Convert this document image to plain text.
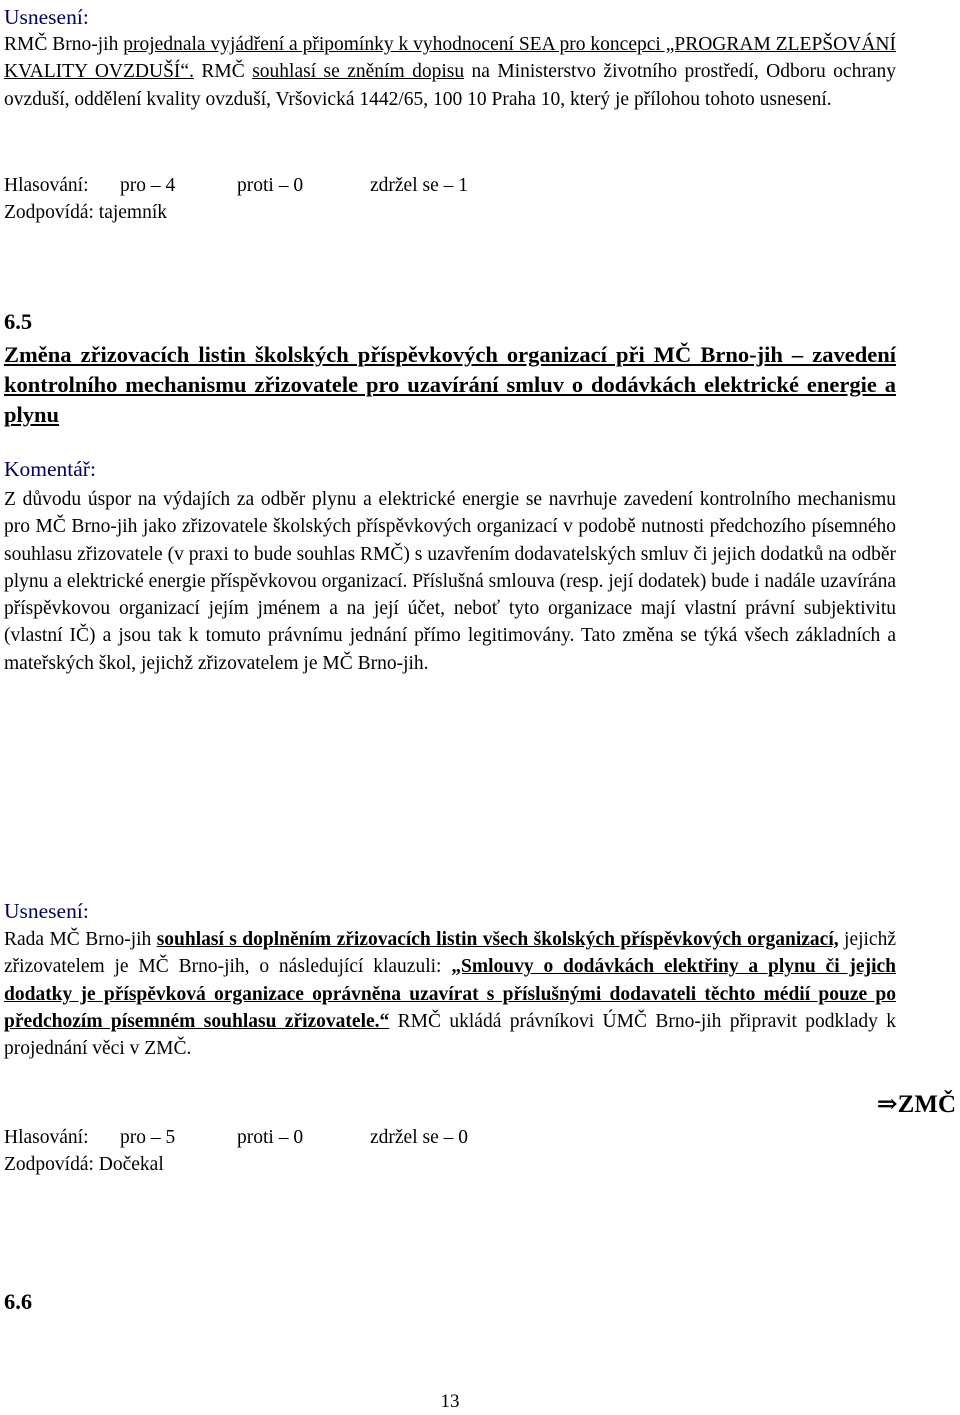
Usnesení:
RMČ Brno-jih projednala vyjádření a připomínky k vyhodnocení SEA pro koncepci „PROGRAM ZLEPŠOVÁNÍ KVALITY OVZDUŠÍ“. RMČ souhlasí se zněním dopisu na Ministerstvo životního prostředí, Odboru ochrany ovzduší, oddělení kvality ovzduší, Vršovická 1442/65, 100 10 Praha 10, který je přílohou tohoto usnesení.
Hlasování: pro – 4	proti – 0	zdržel se – 1
Zodpovídá: tajemník
6.5
Změna zřizovacích listin školských příspěvkových organizací při MČ Brno-jih – zavedení kontrolního mechanismu zřizovatele pro uzavírání smluv o dodávkách elektrické energie a plynu
Komentář:
Z důvodu úspor na výdajích za odběr plynu a elektrické energie se navrhuje zavedení kontrolního mechanismu pro MČ Brno-jih jako zřizovatele školských příspěvkových organizací v podobě nutnosti předchozího písemného souhlasu zřizovatele (v praxi to bude souhlas RMČ) s uzavřením dodavatelských smluv či jejich dodatků na odběr plynu a elektrické energie příspěvkovou organizací. Příslušná smlouva (resp. její dodatek) bude i nadále uzavírána příspěvkovou organizací jejím jménem a na její účet, neboť tyto organizace mají vlastní právní subjektivitu (vlastní IČ) a jsou tak k tomuto právnímu jednání přímo legitimovány. Tato změna se týká všech základních a mateřských škol, jejichž zřizovatelem je MČ Brno-jih.
Usnesení:
Rada MČ Brno-jih souhlasí s doplněním zřizovacích listin všech školských příspěvkových organizací, jejichž zřizovatelem je MČ Brno-jih, o následující klauzuli: „Smlouvy o dodávkách elektřiny a plynu či jejich dodatky je příspěvková organizace oprávněna uzavírat s příslušnými dodavateli těchto médií pouze po předchozím písemném souhlasu zřizovatele.“ RMČ ukládá právníkovi ÚMČ Brno-jih připravit podklady k projednání věci v ZMČ.
⇒ZMČ
Hlasování: pro – 5	proti – 0	zdržel se – 0
Zodpovídá: Dočekal
6.6
13
